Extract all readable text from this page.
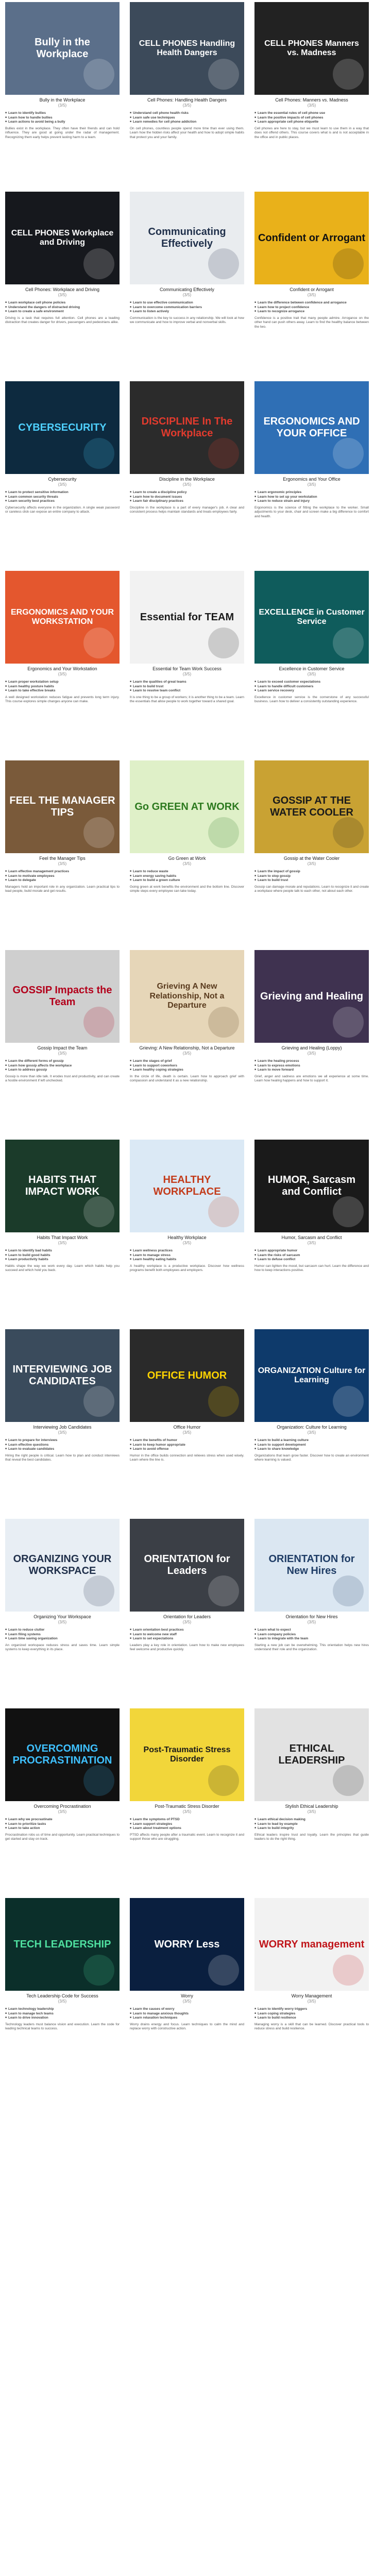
Bully in the Workplace
Bully in the Workplace
(3/5)
■ Learn to identify bullies
■ Learn how to handle bullies
■ Learn actions to avoid being a bully
Bullies exist in the workplace. They often have their friends and can hold influence. They are good at going under the radar of management. Recognizing them early helps prevent lasting harm to a team.
CELL PHONES Handling Health Dangers
Cell Phones: Handling Health Dangers
(3/5)
■ Understand cell phone health risks
■ Learn safe use techniques
■ Learn remedies for cell phone addiction
On cell phones, countless people spend more time than ever using them. Learn how the hidden risks affect your health and how to adopt simple habits that protect you and your family.
CELL PHONES Manners vs. Madness
Cell Phones: Manners vs. Madness
(3/5)
■ Learn the essential rules of cell phone use
■ Learn the positive impacts of cell phones
■ Learn appropriate cell phone etiquette
Cell phones are here to stay, but we must learn to use them in a way that does not offend others. This course covers what is and is not acceptable in the office and in public places.
CELL PHONES Workplace and Driving
Cell Phones: Workplace and Driving
(3/5)
■ Learn workplace cell phone policies
■ Understand the dangers of distracted driving
■ Learn to create a safe environment
Driving is a task that requires full attention. Cell phones are a leading distraction that creates danger for drivers, passengers and pedestrians alike.
Communicating Effectively
Communicating Effectively
(3/5)
■ Learn to use effective communication
■ Learn to overcome communication barriers
■ Learn to listen actively
Communication is the key to success in any relationship. We will look at how we communicate and how to improve verbal and nonverbal skills.
Confident or Arrogant
Confident or Arrogant
(3/5)
■ Learn the difference between confidence and arrogance
■ Learn how to project confidence
■ Learn to recognize arrogance
Confidence is a positive trait that many people admire. Arrogance on the other hand can push others away. Learn to find the healthy balance between the two.
CYBERSECURITY
Cybersecurity
(3/5)
■ Learn to protect sensitive information
■ Learn common security threats
■ Learn security best practices
Cybersecurity affects everyone in the organization. A single weak password or careless click can expose an entire company to attack.
DISCIPLINE In The Workplace
Discipline in the Workplace
(3/5)
■ Learn to create a discipline policy
■ Learn how to document issues
■ Learn fair disciplinary practices
Discipline in the workplace is a part of every manager's job. A clear and consistent process helps maintain standards and treats employees fairly.
ERGONOMICS AND YOUR OFFICE
Ergonomics and Your Office
(3/5)
■ Learn ergonomic principles
■ Learn how to set up your workstation
■ Learn to reduce strain and injury
Ergonomics is the science of fitting the workplace to the worker. Small adjustments to your desk, chair and screen make a big difference to comfort and health.
ERGONOMICS AND YOUR WORKSTATION
Ergonomics and Your Workstation
(3/5)
■ Learn proper workstation setup
■ Learn healthy posture habits
■ Learn to take effective breaks
A well designed workstation reduces fatigue and prevents long term injury. This course explores simple changes anyone can make.
Essential for TEAM
Essential for Team Work Success
(3/5)
■ Learn the qualities of great teams
■ Learn to build trust
■ Learn to resolve team conflict
It is one thing to be a group of workers; it is another thing to be a team. Learn the essentials that allow people to work together toward a shared goal.
EXCELLENCE in Customer Service
Excellence in Customer Service
(3/5)
■ Learn to exceed customer expectations
■ Learn to handle difficult customers
■ Learn service recovery
Excellence in customer service is the cornerstone of any successful business. Learn how to deliver a consistently outstanding experience.
FEEL THE MANAGER TIPS
Feel the Manager Tips
(3/5)
■ Learn effective management practices
■ Learn to motivate employees
■ Learn to delegate
Managers hold an important role in any organization. Learn practical tips to lead people, build morale and get results.
Go GREEN AT WORK
Go Green at Work
(3/5)
■ Learn to reduce waste
■ Learn energy saving habits
■ Learn to build a green culture
Going green at work benefits the environment and the bottom line. Discover simple steps every employee can take today.
GOSSIP AT THE WATER COOLER
Gossip at the Water Cooler
(3/5)
■ Learn the impact of gossip
■ Learn to stop gossip
■ Learn to build trust
Gossip can damage morale and reputations. Learn to recognize it and create a workplace where people talk to each other, not about each other.
GOSSIP Impacts the Team
Gossip Impact the Team
(3/5)
■ Learn the different forms of gossip
■ Learn how gossip affects the workplace
■ Learn to address gossip
Gossip is more than idle talk. It erodes trust and productivity, and can create a hostile environment if left unchecked.
Grieving A New Relationship, Not a Departure
Grieving: A New Relationship, Not a Departure
(3/5)
■ Learn the stages of grief
■ Learn to support coworkers
■ Learn healthy coping strategies
In the circle of life, death is certain. Learn how to approach grief with compassion and understand it as a new relationship.
Grieving and Healing
Grieving and Healing (Loppy)
(3/5)
■ Learn the healing process
■ Learn to express emotions
■ Learn to move forward
Grief, anger and sadness are emotions we all experience at some time. Learn how healing happens and how to support it.
HABITS THAT IMPACT WORK
Habits That Impact Work
(3/5)
■ Learn to identify bad habits
■ Learn to build good habits
■ Learn productivity habits
Habits shape the way we work every day. Learn which habits help you succeed and which hold you back.
HEALTHY WORKPLACE
Healthy Workplace
(3/5)
■ Learn wellness practices
■ Learn to manage stress
■ Learn healthy eating habits
A healthy workplace is a productive workplace. Discover how wellness programs benefit both employees and employers.
HUMOR, Sarcasm and Conflict
Humor, Sarcasm and Conflict
(3/5)
■ Learn appropriate humor
■ Learn the risks of sarcasm
■ Learn to defuse conflict
Humor can lighten the mood, but sarcasm can hurt. Learn the difference and how to keep interactions positive.
INTERVIEWING JOB CANDIDATES
Interviewing Job Candidates
(3/5)
■ Learn to prepare for interviews
■ Learn effective questions
■ Learn to evaluate candidates
Hiring the right people is critical. Learn how to plan and conduct interviews that reveal the best candidates.
OFFICE HUMOR
Office Humor
(3/5)
■ Learn the benefits of humor
■ Learn to keep humor appropriate
■ Learn to avoid offense
Humor in the office builds connection and relieves stress when used wisely. Learn where the line is.
ORGANIZATION Culture for Learning
Organization: Culture for Learning
(3/5)
■ Learn to build a learning culture
■ Learn to support development
■ Learn to share knowledge
Organizations that learn grow faster. Discover how to create an environment where learning is valued.
ORGANIZING YOUR WORKSPACE
Organizing Your Workspace
(3/5)
■ Learn to reduce clutter
■ Learn filing systems
■ Learn time saving organization
An organized workspace reduces stress and saves time. Learn simple systems to keep everything in its place.
ORIENTATION for Leaders
Orientation for Leaders
(3/5)
■ Learn orientation best practices
■ Learn to welcome new staff
■ Learn to set expectations
Leaders play a key role in orientation. Learn how to make new employees feel welcome and productive quickly.
ORIENTATION for New Hires
Orientation for New Hires
(3/5)
■ Learn what to expect
■ Learn company policies
■ Learn to integrate with the team
Starting a new job can be overwhelming. This orientation helps new hires understand their role and the organization.
OVERCOMING PROCRASTINATION
Overcoming Procrastination
(3/5)
■ Learn why we procrastinate
■ Learn to prioritize tasks
■ Learn to take action
Procrastination robs us of time and opportunity. Learn practical techniques to get started and stay on track.
Post-Traumatic Stress Disorder
Post-Traumatic Stress Disorder
(3/5)
■ Learn the symptoms of PTSD
■ Learn support strategies
■ Learn about treatment options
PTSD affects many people after a traumatic event. Learn to recognize it and support those who are struggling.
ETHICAL LEADERSHIP
Stylish Ethical Leadership
(3/5)
■ Learn ethical decision making
■ Learn to lead by example
■ Learn to build integrity
Ethical leaders inspire trust and loyalty. Learn the principles that guide leaders to do the right thing.
TECH LEADERSHIP
Tech Leadership Code for Success
(3/5)
■ Learn technology leadership
■ Learn to manage tech teams
■ Learn to drive innovation
Technology leaders must balance vision and execution. Learn the code for leading technical teams to success.
WORRY Less
Worry
(3/5)
■ Learn the causes of worry
■ Learn to manage anxious thoughts
■ Learn relaxation techniques
Worry drains energy and focus. Learn techniques to calm the mind and replace worry with constructive action.
WORRY management
Worry Management
(3/5)
■ Learn to identify worry triggers
■ Learn coping strategies
■ Learn to build resilience
Managing worry is a skill that can be learned. Discover practical tools to reduce stress and build resilience.
